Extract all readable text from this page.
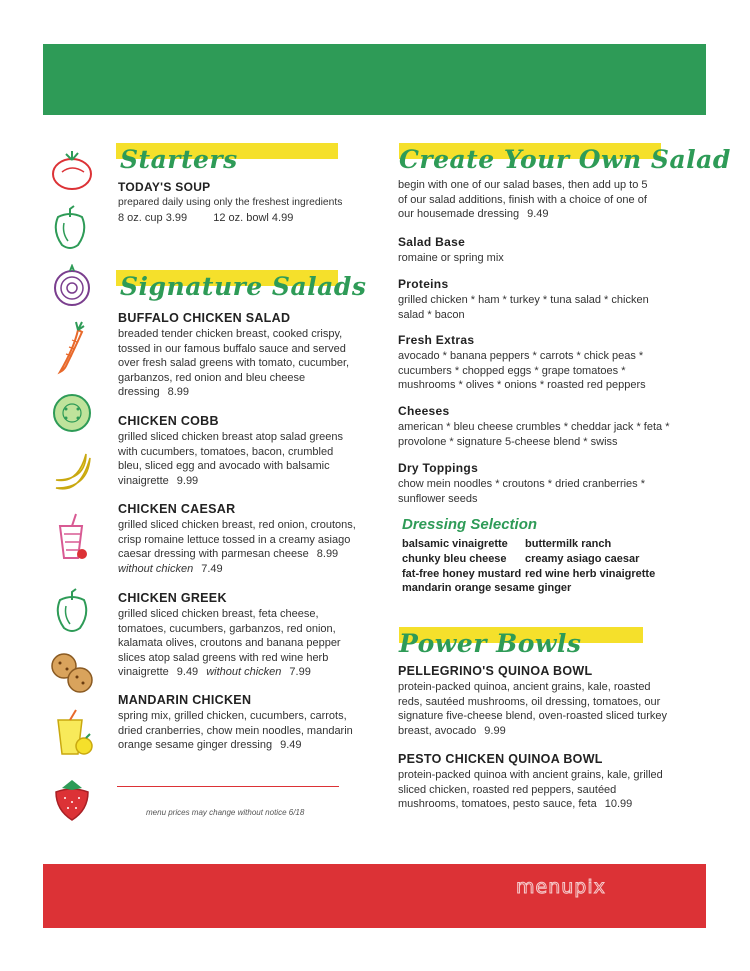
menupix
Starters
TODAY'S SOUP

prepared daily using only the freshest ingredients

8 oz. cup 3.99 12 oz. bowl 4.99

Signature Salads
BUFFALO CHICKEN SALAD

breaded tender chicken breast, cooked crispy, tossed in our famous buffalo sauce and served over fresh salad greens with tomato, cucumber, garbanzos, red onion and bleu cheese dressing 8.99

CHICKEN COBB

grilled sliced chicken breast atop salad greens with cucumbers, tomatoes, bacon, crumbled bleu, sliced egg and avocado with balsamic vinaigrette 9.99

CHICKEN CAESAR

grilled sliced chicken breast, red onion, croutons, crisp romaine lettuce tossed in a creamy asiago caesar dressing with parmesan cheese 8.99

without chicken 7.49

CHICKEN GREEK

grilled sliced chicken breast, feta cheese, tomatoes, cucumbers, garbanzos, red onion, kalamata olives, croutons and banana pepper slices atop salad greens with red wine herb vinaigrette 9.49 without chicken 7.99

MANDARIN CHICKEN

spring mix, grilled chicken, cucumbers, carrots, dried cranberries, chow mein noodles, mandarin orange sesame ginger dressing 9.49

menu prices may change without notice 6/18
Create Your Own Salad

begin with one of our salad bases, then add up to 5 of our salad additions, finish with a choice of one of our housemade dressing 9.49

Salad Base

romaine or spring mix

Proteins

grilled chicken * ham * turkey * tuna salad * chicken salad * bacon

Fresh Extras

avocado * banana peppers * carrots * chick peas * cucumbers * chopped eggs * grape tomatoes * mushrooms * olives * onions * roasted red peppers

Cheeses

american * bleu cheese crumbles * cheddar jack * feta * provolone * signature 5-cheese blend * swiss

Dry Toppings

chow mein noodles * croutons * dried cranberries * sunflower seeds

Dressing Selection
balsamic vinaigrette	buttermilk ranch
chunky bleu cheese	creamy asiago caesar
fat-free honey mustard red wine herb vinaigrette
mandarin orange sesame ginger
Power Bowls
PELLEGRINO'S QUINOA BOWL

protein-packed quinoa, ancient grains, kale, roasted reds, sautéed mushrooms, oil dressing, tomatoes, our signature five-cheese blend, oven-roasted sliced turkey breast, avocado 9.99

PESTO CHICKEN QUINOA BOWL

protein-packed quinoa with ancient grains, kale, grilled sliced chicken, roasted red peppers, sautéed mushrooms, tomatoes, pesto sauce, feta 10.99
